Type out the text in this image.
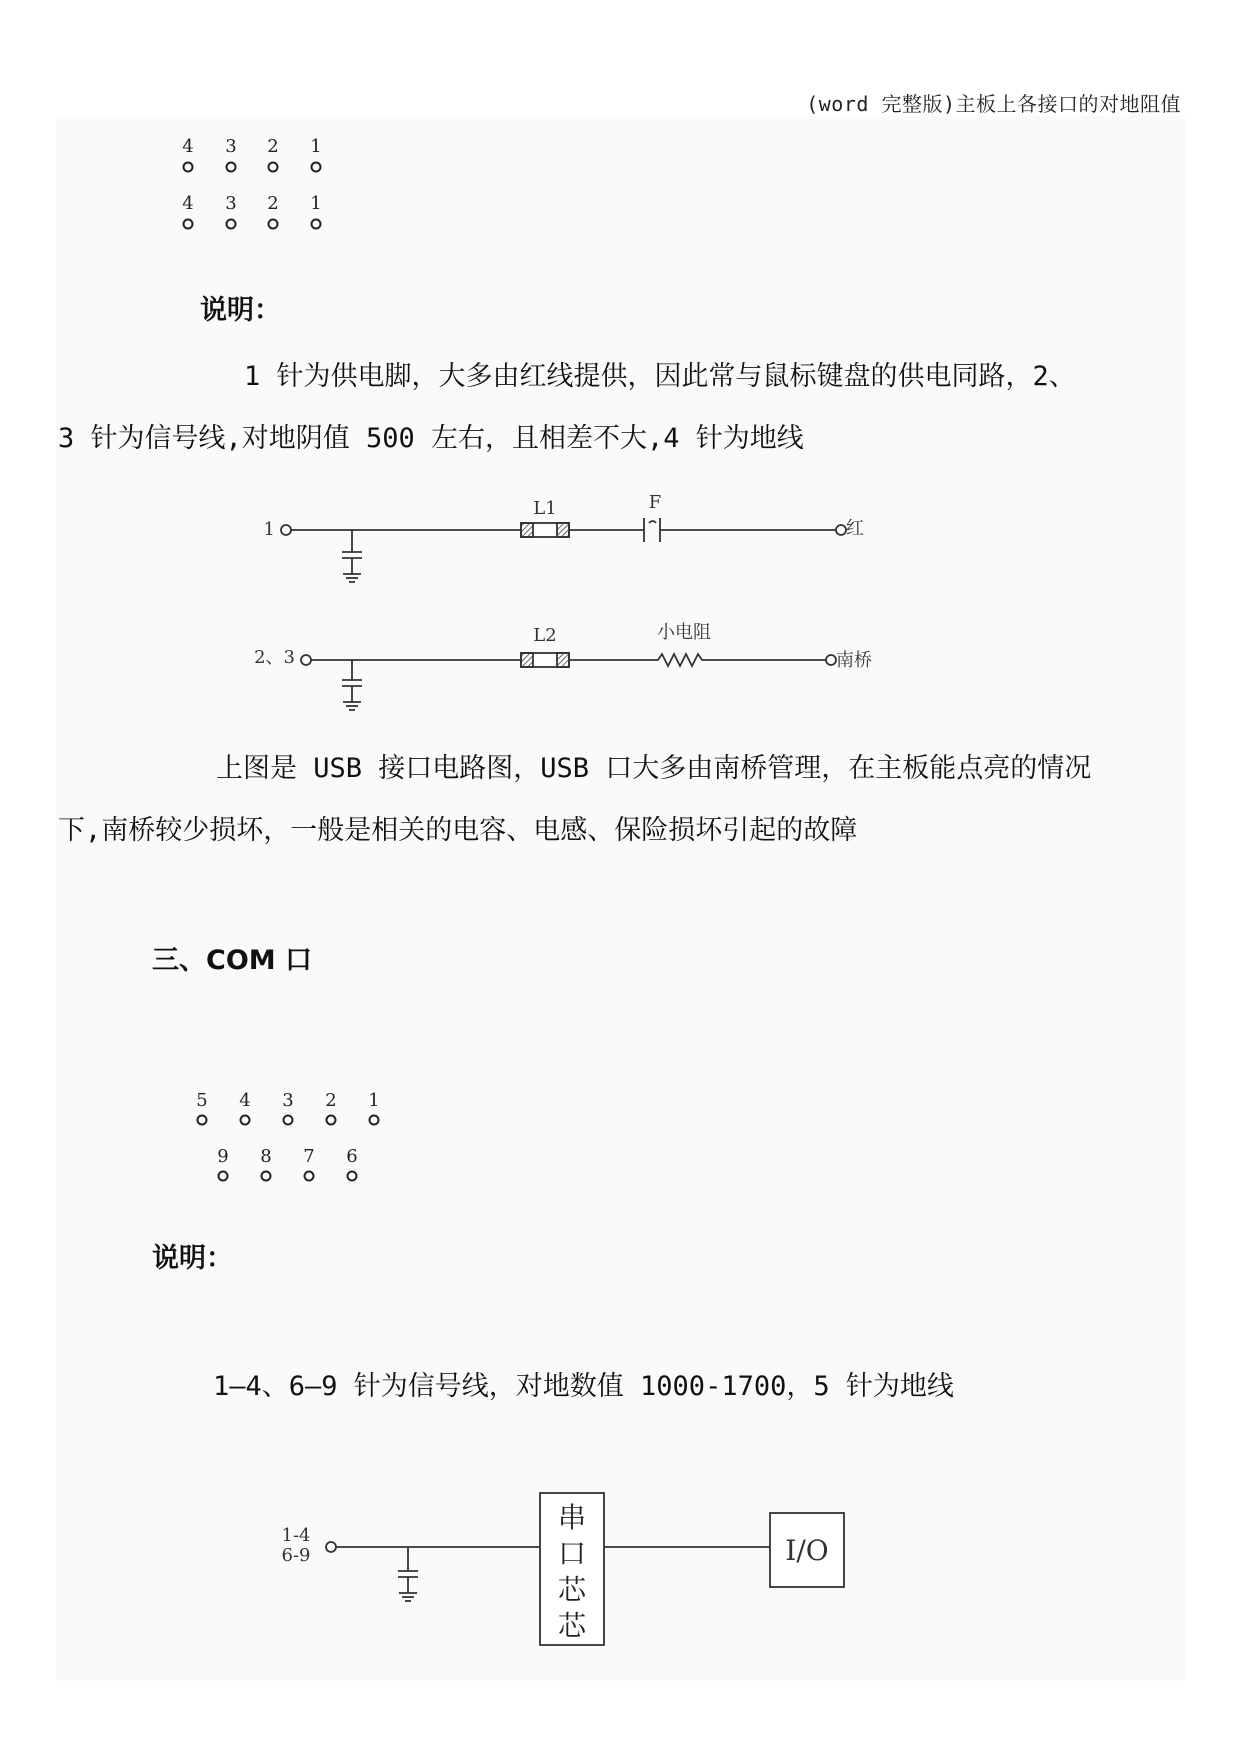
(word 完整版)主板上各接口的对地阻值
4 3 2 1
4 3 2 1
说明：
1 针为供电脚，大多由红线提供，因此常与鼠标键盘的供电同路，2、
3 针为信号线,对地阴值 500 左右，且相差不大,4 针为地线
1
L1	F
红
2、3
L2	小电阻
南桥
上图是 USB 接口电路图，USB 口大多由南桥管理，在主板能点亮的情况
下,南桥较少损坏，一般是相关的电容、电感、保险损坏引起的故障
三、COM 口
5 4 3 2 1
9 8 7 6
说明：
1—4、6—9 针为信号线，对地数值 1000-1700，5 针为地线
1-4
6-9
串
口
芯
芯
I/O
